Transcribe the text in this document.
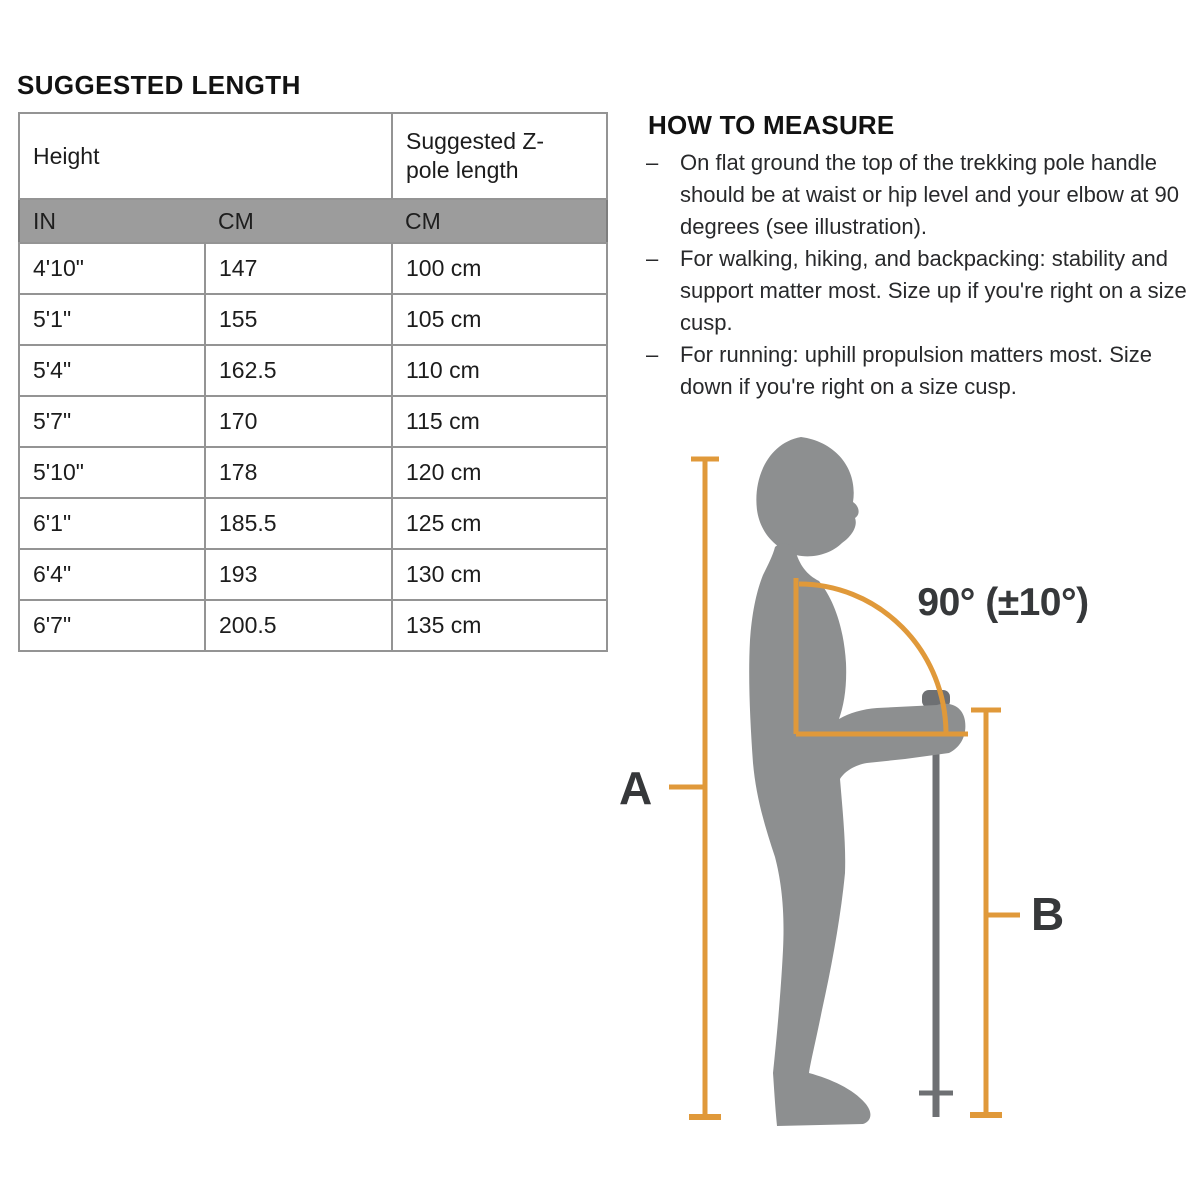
SUGGESTED LENGTH
Height		Suggested Z-pole length

IN	CM	CM
4'10"	147	100 cm
5'1"	155	105 cm
5'4"	162.5	110 cm
5'7"	170	115 cm
5'10"	178	120 cm
6'1"	185.5	125 cm
6'4"	193	130 cm
6'7"	200.5	135 cm
HOW TO MEASURE
– On flat ground the top of the trekking pole handle should be at waist or hip level and your elbow at 90 degrees (see illustration).
– For walking, hiking, and backpacking: stability and support matter most. Size up if you're right on a size cusp.
– For running: uphill propulsion matters most. Size down if you're right on a size cusp.
90° (±10°)
A
B
